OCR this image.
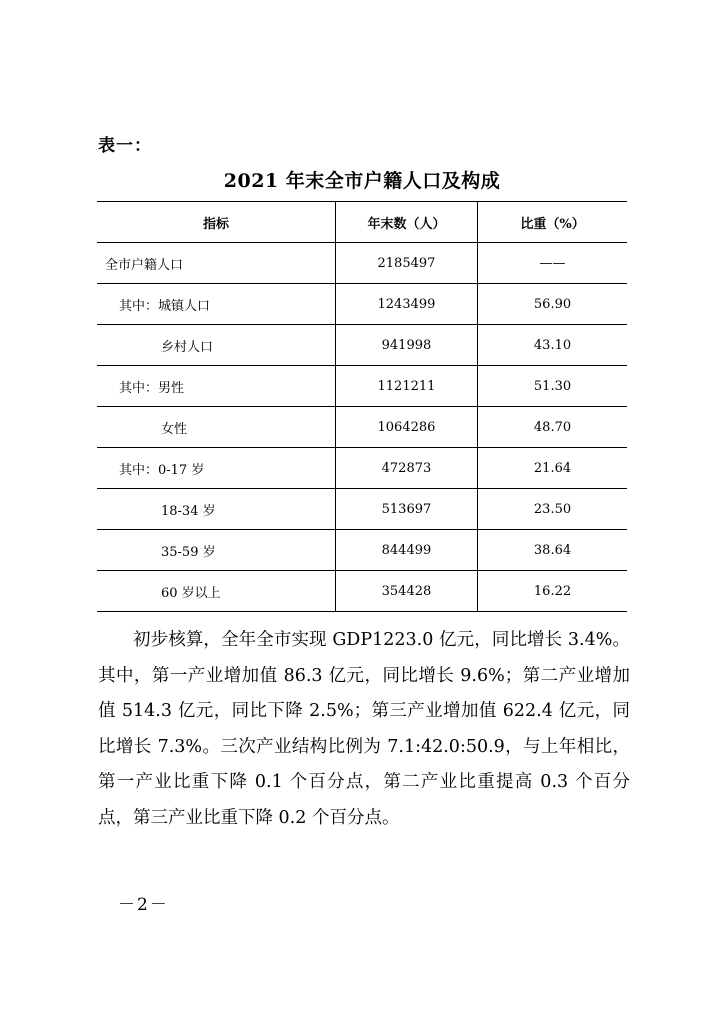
表一：
2021 年末全市户籍人口及构成
指标	年末数（人）	比重（%）
全市户籍人口	2185497	——
其中：城镇人口	1243499	56.90
乡村人口	941998	43.10
其中：男性	1121211	51.30
女性	1064286	48.70
其中：0-17 岁	472873	21.64
18-34 岁	513697	23.50
35-59 岁	844499	38.64
60 岁以上	354428	16.22

初步核算，全年全市实现 GDP1223.0 亿元，同比增长 3.4%。其中，第一产业增加值 86.3 亿元，同比增长 9.6%；第二产业增加值 514.3 亿元，同比下降 2.5%；第三产业增加值 622.4 亿元，同比增长 7.3%。三次产业结构比例为 7.1:42.0:50.9，与上年相比，第一产业比重下降 0.1 个百分点，第二产业比重提高 0.3 个百分点，第三产业比重下降 0.2 个百分点。

－2－
